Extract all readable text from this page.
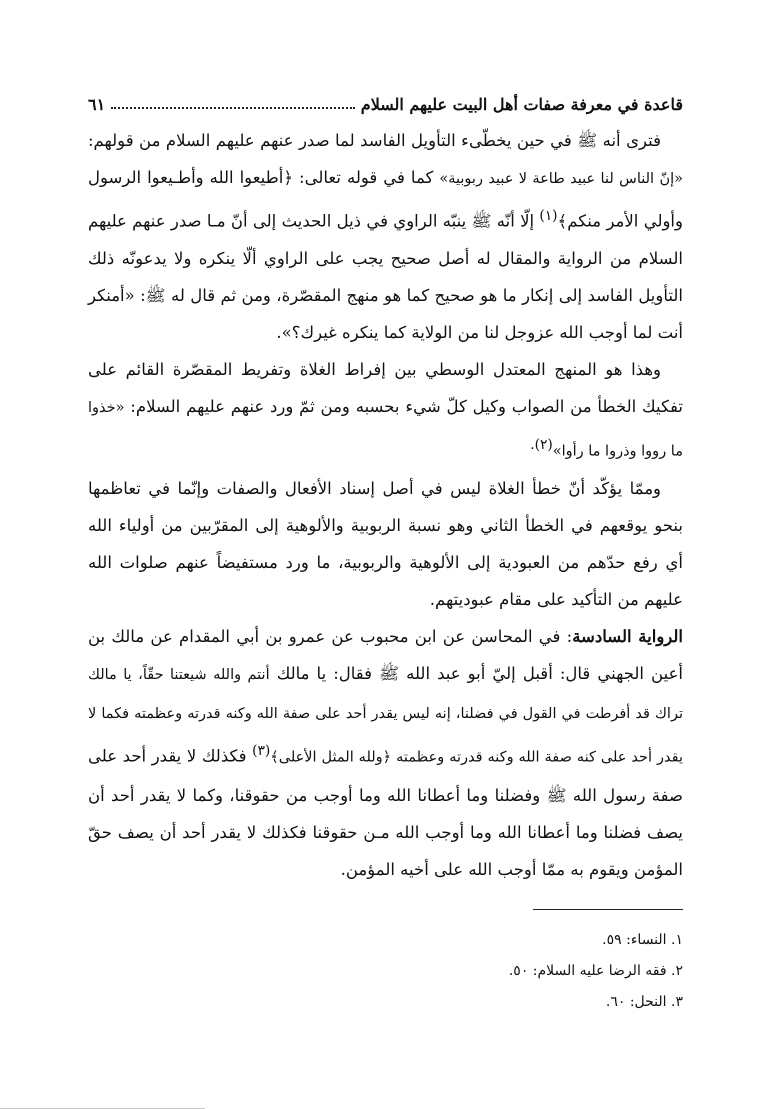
قاعدة في معرفة صفات أهل البيت عليهم السلام
٦١

فترى أنه ﷺ في حين يخطّىء التأويل الفاسد لما صدر عنهم عليهم السلام من قولهم: «إنّ الناس لنا عبيد طاعة لا عبيد ربوبية» كما في قوله تعالى: ﴿أطيعوا الله وأطـيعوا الرسول وأولي الأمر منكم﴾$^{(١)}$ إلّا أنّه ﷺ ينبّه الراوي في ذيل الحديث إلى أنّ مـا صدر عنهم عليهم السلام من الرواية والمقال له أصل صحيح يجب على الراوي ألّا ينكره ولا يدعونّه ذلك التأويل الفاسد إلى إنكار ما هو صحيح كما هو منهج المقصّرة، ومن ثم قال له ﷺ: «أمنكر أنت لما أوجب الله عزوجل لنا من الولاية كما ينكره غيرك؟».

وهذا هو المنهج المعتدل الوسطي بين إفراط الغلاة وتفريط المقصّرة القائم على تفكيك الخطأ من الصواب وكيل كلّ شيء بحسبه ومن ثمّ ورد عنهم عليهم السلام: «خذوا ما رووا وذروا ما رأوا»$^{(٢).}$

وممّا يؤكّد أنّ خطأ الغلاة ليس في أصل إسناد الأفعال والصفات وإنّما في تعاظمها بنحو يوقعهم في الخطأ الثاني وهو نسبة الربوبية والألوهية إلى المقرّبين من أولياء الله أي رفع حدّهم من العبودية إلى الألوهية والربوبية، ما ورد مستفيضاً عنهم صلوات الله عليهم من التأكيد على مقام عبوديتهم.

الرواية السادسة: في المحاسن عن ابن محبوب عن عمرو بن أبي المقدام عن مالك بن أعين الجهني قال: أقبل إليّ أبو عبد الله ﷺ فقال: يا مالك أنتم والله شيعتنا حقّاً، يا مالك تراك قد أفرطت في القول في فضلنا، إنه ليس يقدر أحد على صفة الله وكنه قدرته وعظمته فكما لا يقدر أحد على كنه صفة الله وكنه قدرته وعظمته ﴿ولله المثل الأعلى﴾$^{(٣)}$ فكذلك لا يقدر أحد على صفة رسول الله ﷺ وفضلنا وما أعطانا الله وما أوجب من حقوقنا، وكما لا يقدر أحد أن يصف فضلنا وما أعطانا الله وما أوجب الله مـن حقوقنا فكذلك لا يقدر أحد أن يصف حقّ المؤمن ويقوم به ممّا أوجب الله على أخيه المؤمن.

١. النساء: ٥٩.
٢. فقه الرضا عليه السلام: ٥٠.
٣. النحل: ٦٠.
